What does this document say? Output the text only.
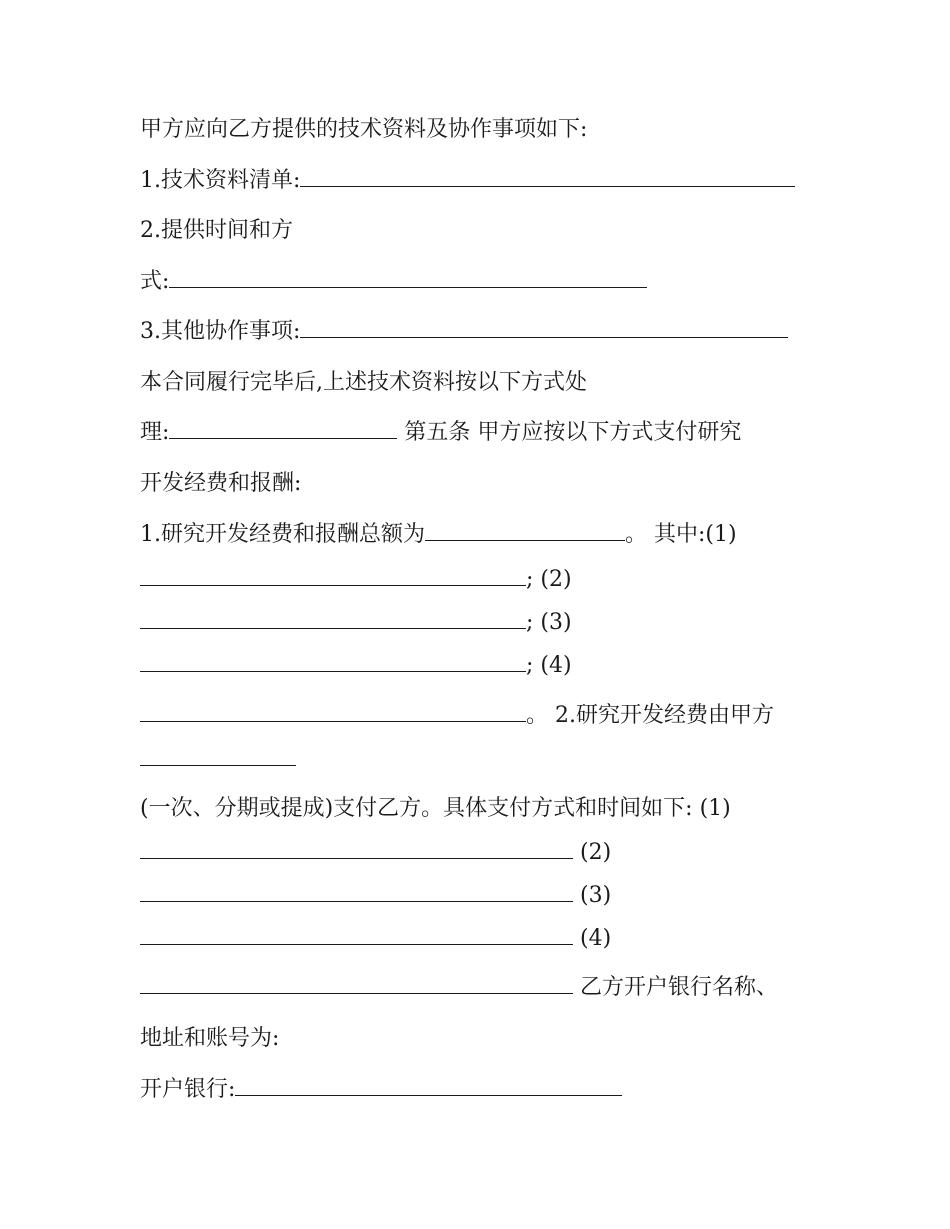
甲方应向乙方提供的技术资料及协作事项如下:
1.技术资料清单:
2.提供时间和方
式:
3.其他协作事项:
本合同履行完毕后,上述技术资料按以下方式处
理:	第五条 甲方应按以下方式支付研究
开发经费和报酬:
1.研究开发经费和报酬总额为	。 其中:(1)
; (2)
; (3)
; (4)
。 2.研究开发经费由甲方
(一次、分期或提成)支付乙方。具体支付方式和时间如下: (1)
(2)
(3)
(4)
乙方开户银行名称、
地址和账号为:
开户银行:
